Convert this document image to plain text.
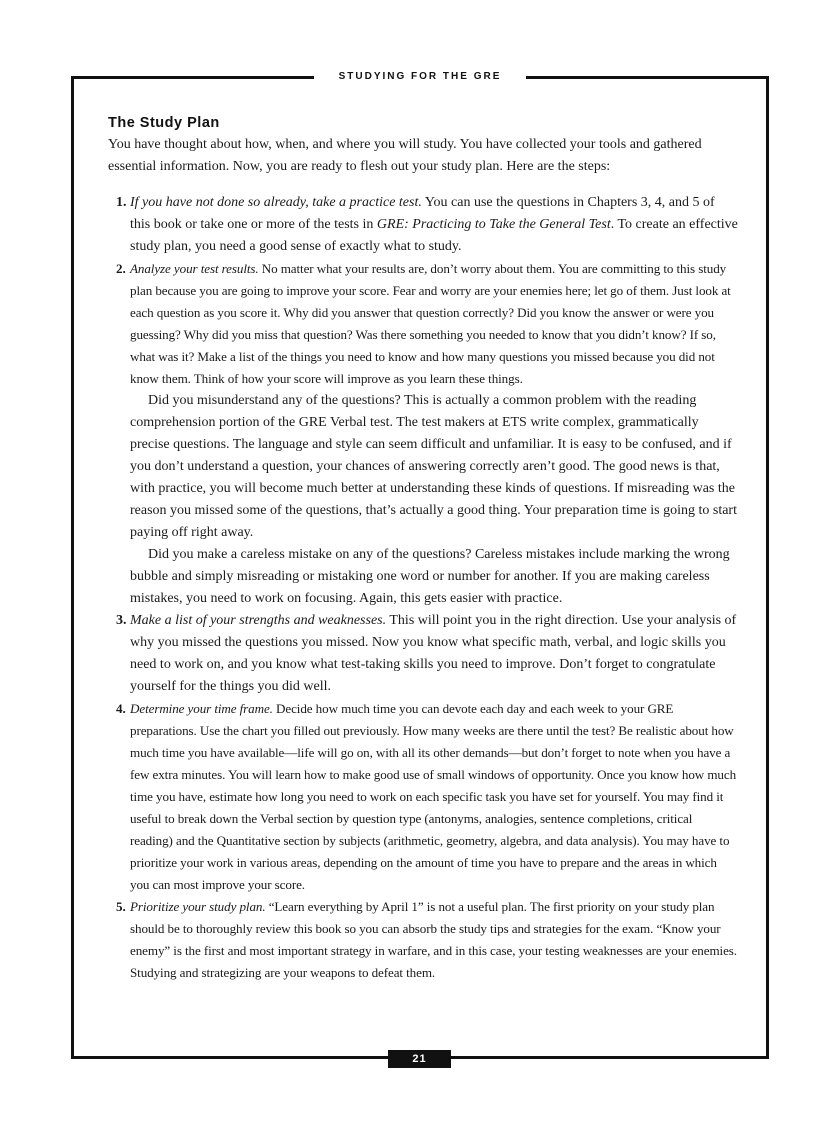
STUDYING FOR THE GRE
The Study Plan

You have thought about how, when, and where you will study. You have collected your tools and gathered essential information. Now, you are ready to flesh out your study plan. Here are the steps:

1. If you have not done so already, take a practice test. You can use the questions in Chapters 3, 4, and 5 of this book or take one or more of the tests in GRE: Practicing to Take the General Test. To create an effective study plan, you need a good sense of exactly what to study.

2. Analyze your test results. No matter what your results are, don’t worry about them. You are committing to this study plan because you are going to improve your score. Fear and worry are your enemies here; let go of them. Just look at each question as you score it. Why did you answer that question correctly? Did you know the answer or were you guessing? Why did you miss that question? Was there something you needed to know that you didn’t know? If so, what was it? Make a list of the things you need to know and how many questions you missed because you did not know them. Think of how your score will improve as you learn these things.

Did you misunderstand any of the questions? This is actually a common problem with the reading comprehension portion of the GRE Verbal test. The test makers at ETS write complex, grammatically precise questions. The language and style can seem difficult and unfamiliar. It is easy to be confused, and if you don’t understand a question, your chances of answering correctly aren’t good. The good news is that, with practice, you will become much better at understanding these kinds of questions. If misreading was the reason you missed some of the questions, that’s actually a good thing. Your preparation time is going to start paying off right away.

Did you make a careless mistake on any of the questions? Careless mistakes include marking the wrong bubble and simply misreading or mistaking one word or number for another. If you are making careless mistakes, you need to work on focusing. Again, this gets easier with practice.

3. Make a list of your strengths and weaknesses. This will point you in the right direction. Use your analysis of why you missed the questions you missed. Now you know what specific math, verbal, and logic skills you need to work on, and you know what test-taking skills you need to improve. Don’t forget to congratulate yourself for the things you did well.

4. Determine your time frame. Decide how much time you can devote each day and each week to your GRE preparations. Use the chart you filled out previously. How many weeks are there until the test? Be realistic about how much time you have available—life will go on, with all its other demands—but don’t forget to note when you have a few extra minutes. You will learn how to make good use of small windows of opportunity. Once you know how much time you have, estimate how long you need to work on each specific task you have set for yourself. You may find it useful to break down the Verbal section by question type (antonyms, analogies, sentence completions, critical reading) and the Quantitative section by subjects (arithmetic, geometry, algebra, and data analysis). You may have to prioritize your work in various areas, depending on the amount of time you have to prepare and the areas in which you can most improve your score.

5. Prioritize your study plan. “Learn everything by April 1” is not a useful plan. The first priority on your study plan should be to thoroughly review this book so you can absorb the study tips and strategies for the exam. “Know your enemy” is the first and most important strategy in warfare, and in this case, your testing weaknesses are your enemies. Studying and strategizing are your weapons to defeat them.

21
